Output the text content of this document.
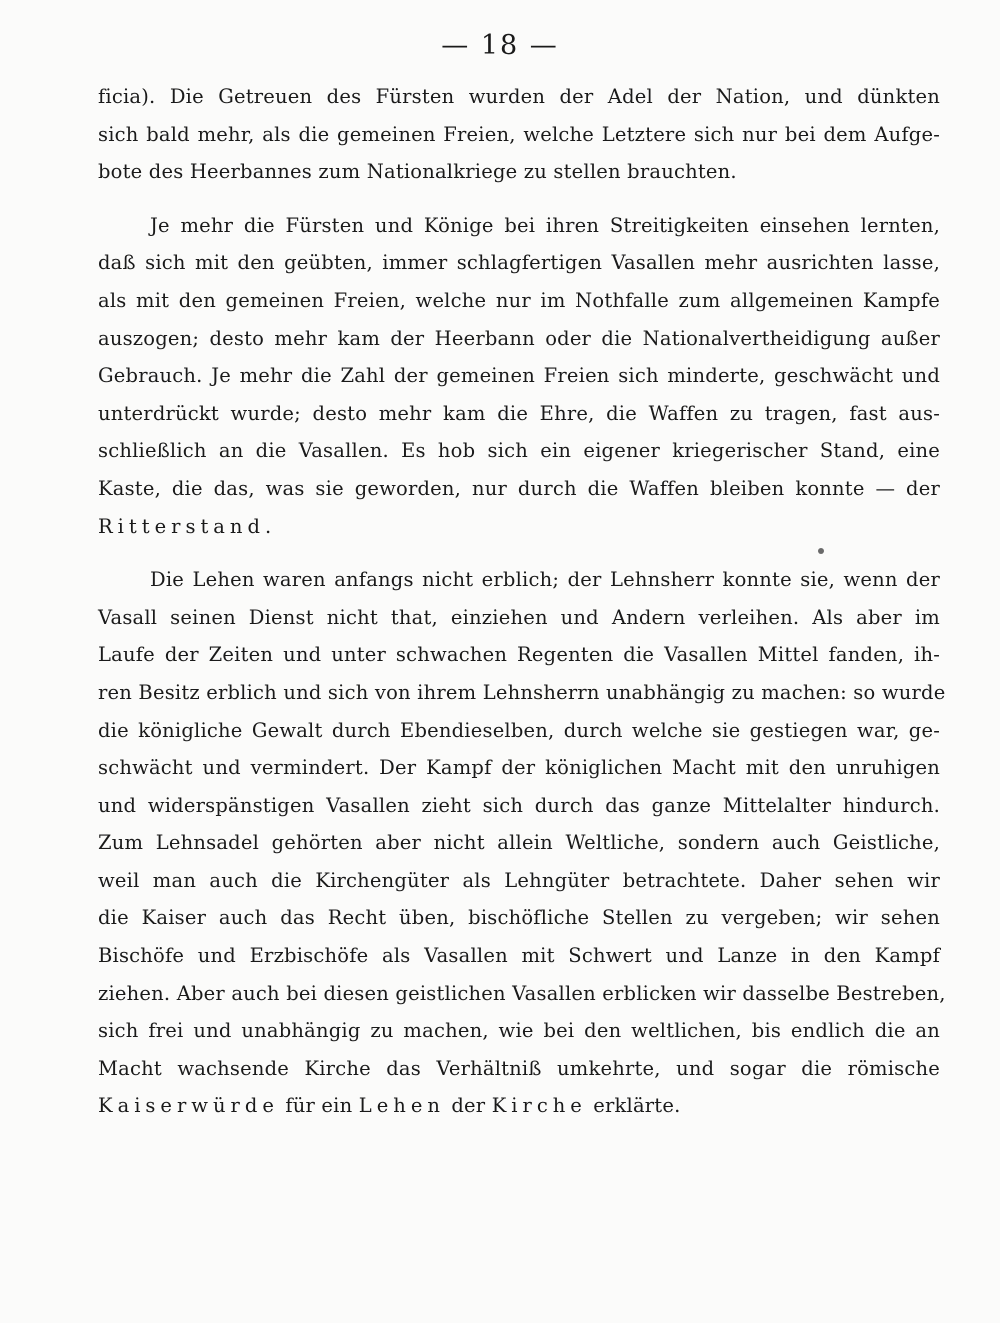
— 18 —
ficia). Die Getreuen des Fürsten wurden der Adel der Nation, und dünkten
sich bald mehr, als die gemeinen Freien, welche Letztere sich nur bei dem Aufge-
bote des Heerbannes zum Nationalkriege zu stellen brauchten.
Je mehr die Fürsten und Könige bei ihren Streitigkeiten einsehen lernten,
daß sich mit den geübten, immer schlagfertigen Vasallen mehr ausrichten lasse,
als mit den gemeinen Freien, welche nur im Nothfalle zum allgemeinen Kampfe
auszogen; desto mehr kam der Heerbann oder die Nationalvertheidigung außer
Gebrauch. Je mehr die Zahl der gemeinen Freien sich minderte, geschwächt und
unterdrückt wurde; desto mehr kam die Ehre, die Waffen zu tragen, fast aus-
schließlich an die Vasallen. Es hob sich ein eigener kriegerischer Stand, eine
Kaste, die das, was sie geworden, nur durch die Waffen bleiben konnte — der
Ritterstand.
Die Lehen waren anfangs nicht erblich; der Lehnsherr konnte sie, wenn der
Vasall seinen Dienst nicht that, einziehen und Andern verleihen. Als aber im
Laufe der Zeiten und unter schwachen Regenten die Vasallen Mittel fanden, ih-
ren Besitz erblich und sich von ihrem Lehnsherrn unabhängig zu machen: so wurde
die königliche Gewalt durch Ebendieselben, durch welche sie gestiegen war, ge-
schwächt und vermindert. Der Kampf der königlichen Macht mit den unruhigen
und widerspänstigen Vasallen zieht sich durch das ganze Mittelalter hindurch.
Zum Lehnsadel gehörten aber nicht allein Weltliche, sondern auch Geistliche,
weil man auch die Kirchengüter als Lehngüter betrachtete. Daher sehen wir
die Kaiser auch das Recht üben, bischöfliche Stellen zu vergeben; wir sehen
Bischöfe und Erzbischöfe als Vasallen mit Schwert und Lanze in den Kampf
ziehen. Aber auch bei diesen geistlichen Vasallen erblicken wir dasselbe Bestreben,
sich frei und unabhängig zu machen, wie bei den weltlichen, bis endlich die an
Macht wachsende Kirche das Verhältniß umkehrte, und sogar die römische
Kaiserwürde für ein Lehen der Kirche erklärte.
